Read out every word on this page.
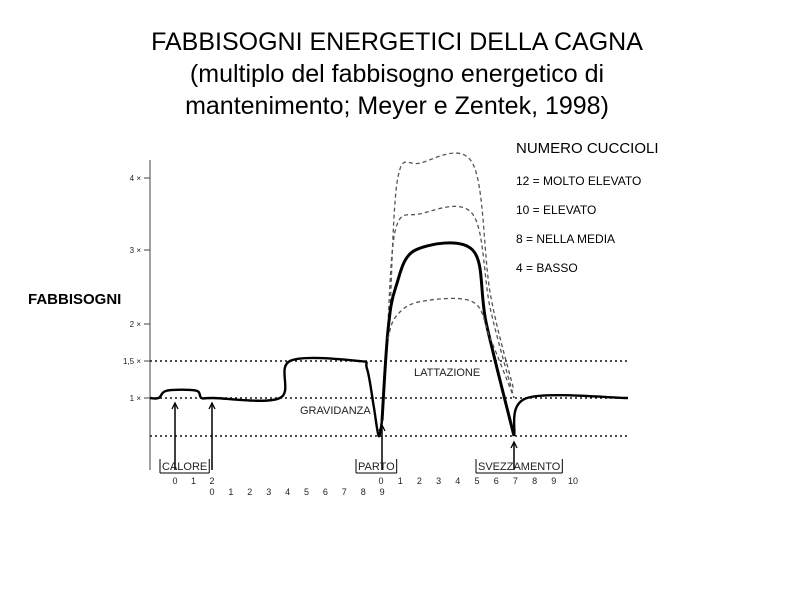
FABBISOGNI ENERGETICI DELLA CAGNA
(multiplo del fabbisogno energetico di
mantenimento; Meyer e Zentek, 1998)
NUMERO CUCCIOLI
12 = MOLTO ELEVATO
10 = ELEVATO
8 = NELLA MEDIA
4 = BASSO
1 ×
1,5 ×
2 ×
3 ×
4 ×
0 1 2
0 1 2 3 4 5 6 7 8 9
0 1 2 3 4 5 6 7 8 9 10
CALORE	PARTO	SVEZZAMENTO
GRAVIDANZA
LATTAZIONE
FABBISOGNI
